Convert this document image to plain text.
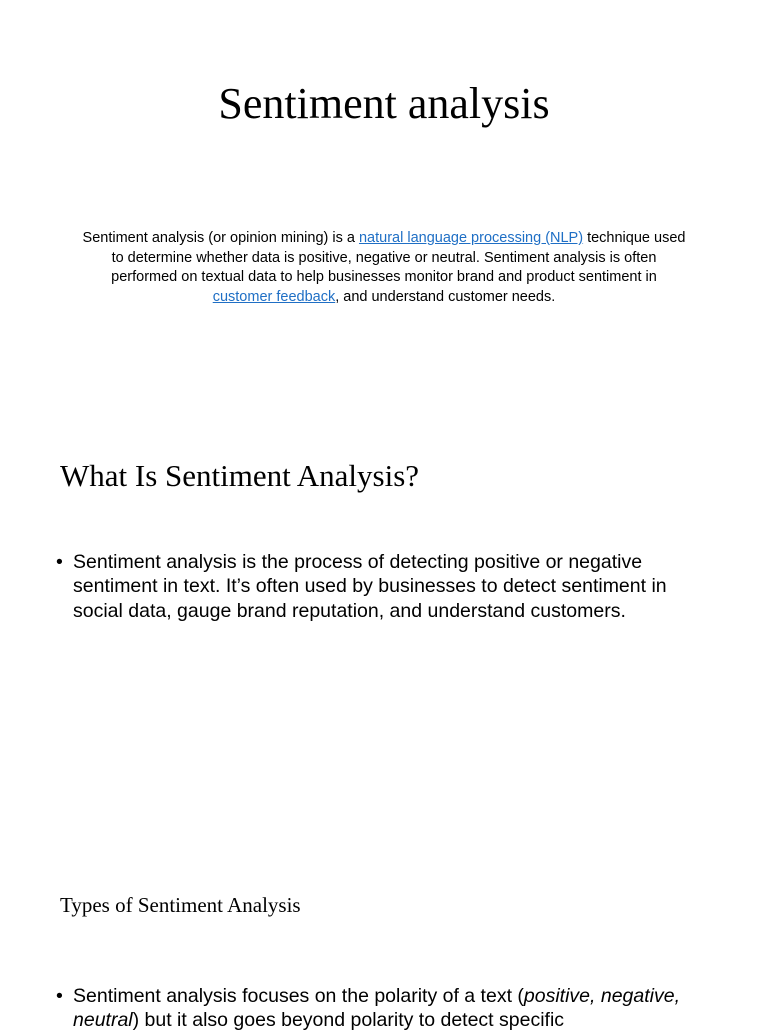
Sentiment analysis

Sentiment analysis (or opinion mining) is a natural language processing (NLP) technique used to determine whether data is positive, negative or neutral. Sentiment analysis is often performed on textual data to help businesses monitor brand and product sentiment in customer feedback, and understand customer needs.

What Is Sentiment Analysis?
• Sentiment analysis is the process of detecting positive or negative sentiment in text. It’s often used by businesses to detect sentiment in social data, gauge brand reputation, and understand customers.
Types of Sentiment Analysis
• Sentiment analysis focuses on the polarity of a text (positive, negative, neutral) but it also goes beyond polarity to detect specific
